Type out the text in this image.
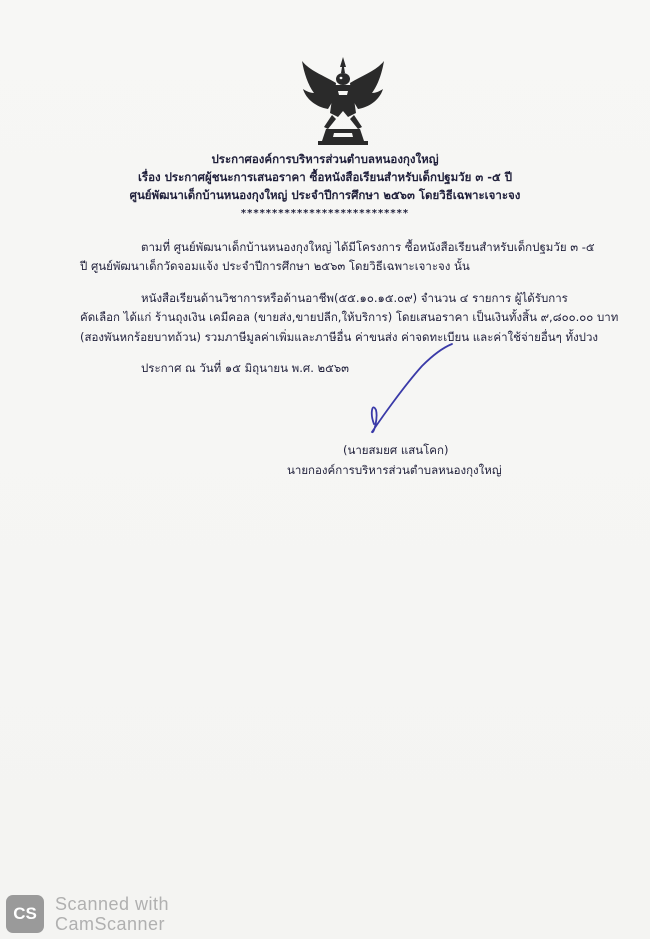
ประกาศองค์การบริหารส่วนตำบลหนองกุงใหญ่
เรื่อง ประกาศผู้ชนะการเสนอราคา ซื้อหนังสือเรียนสำหรับเด็กปฐมวัย ๓ -๕ ปี
ศูนย์พัฒนาเด็กบ้านหนองกุงใหญ่ ประจำปีการศึกษา ๒๕๖๓ โดยวิธีเฉพาะเจาะจง
***************************
ตามที่ ศูนย์พัฒนาเด็กบ้านหนองกุงใหญ่ ได้มีโครงการ ซื้อหนังสือเรียนสำหรับเด็กปฐมวัย ๓ -๕
ปี ศูนย์พัฒนาเด็กวัดจอมแจ้ง ประจำปีการศึกษา ๒๕๖๓ โดยวิธีเฉพาะเจาะจง นั้น
หนังสือเรียนด้านวิชาการหรือด้านอาชีพ(๕๕.๑๐.๑๕.๐๙) จำนวน ๔ รายการ ผู้ได้รับการ
คัดเลือก ได้แก่ ร้านถุงเงิน เคมีคอล (ขายส่ง,ขายปลีก,ให้บริการ) โดยเสนอราคา เป็นเงินทั้งสิ้น ๙,๘๐๐.๐๐ บาท
(สองพันหกร้อยบาทถ้วน) รวมภาษีมูลค่าเพิ่มและภาษีอื่น ค่าขนส่ง ค่าจดทะเบียน และค่าใช้จ่ายอื่นๆ ทั้งปวง
ประกาศ ณ วันที่ ๑๕ มิถุนายน พ.ศ. ๒๕๖๓
(นายสมยศ แสนโคก)
นายกองค์การบริหารส่วนตำบลหนองกุงใหญ่
CS	Scanned with
CamScanner
